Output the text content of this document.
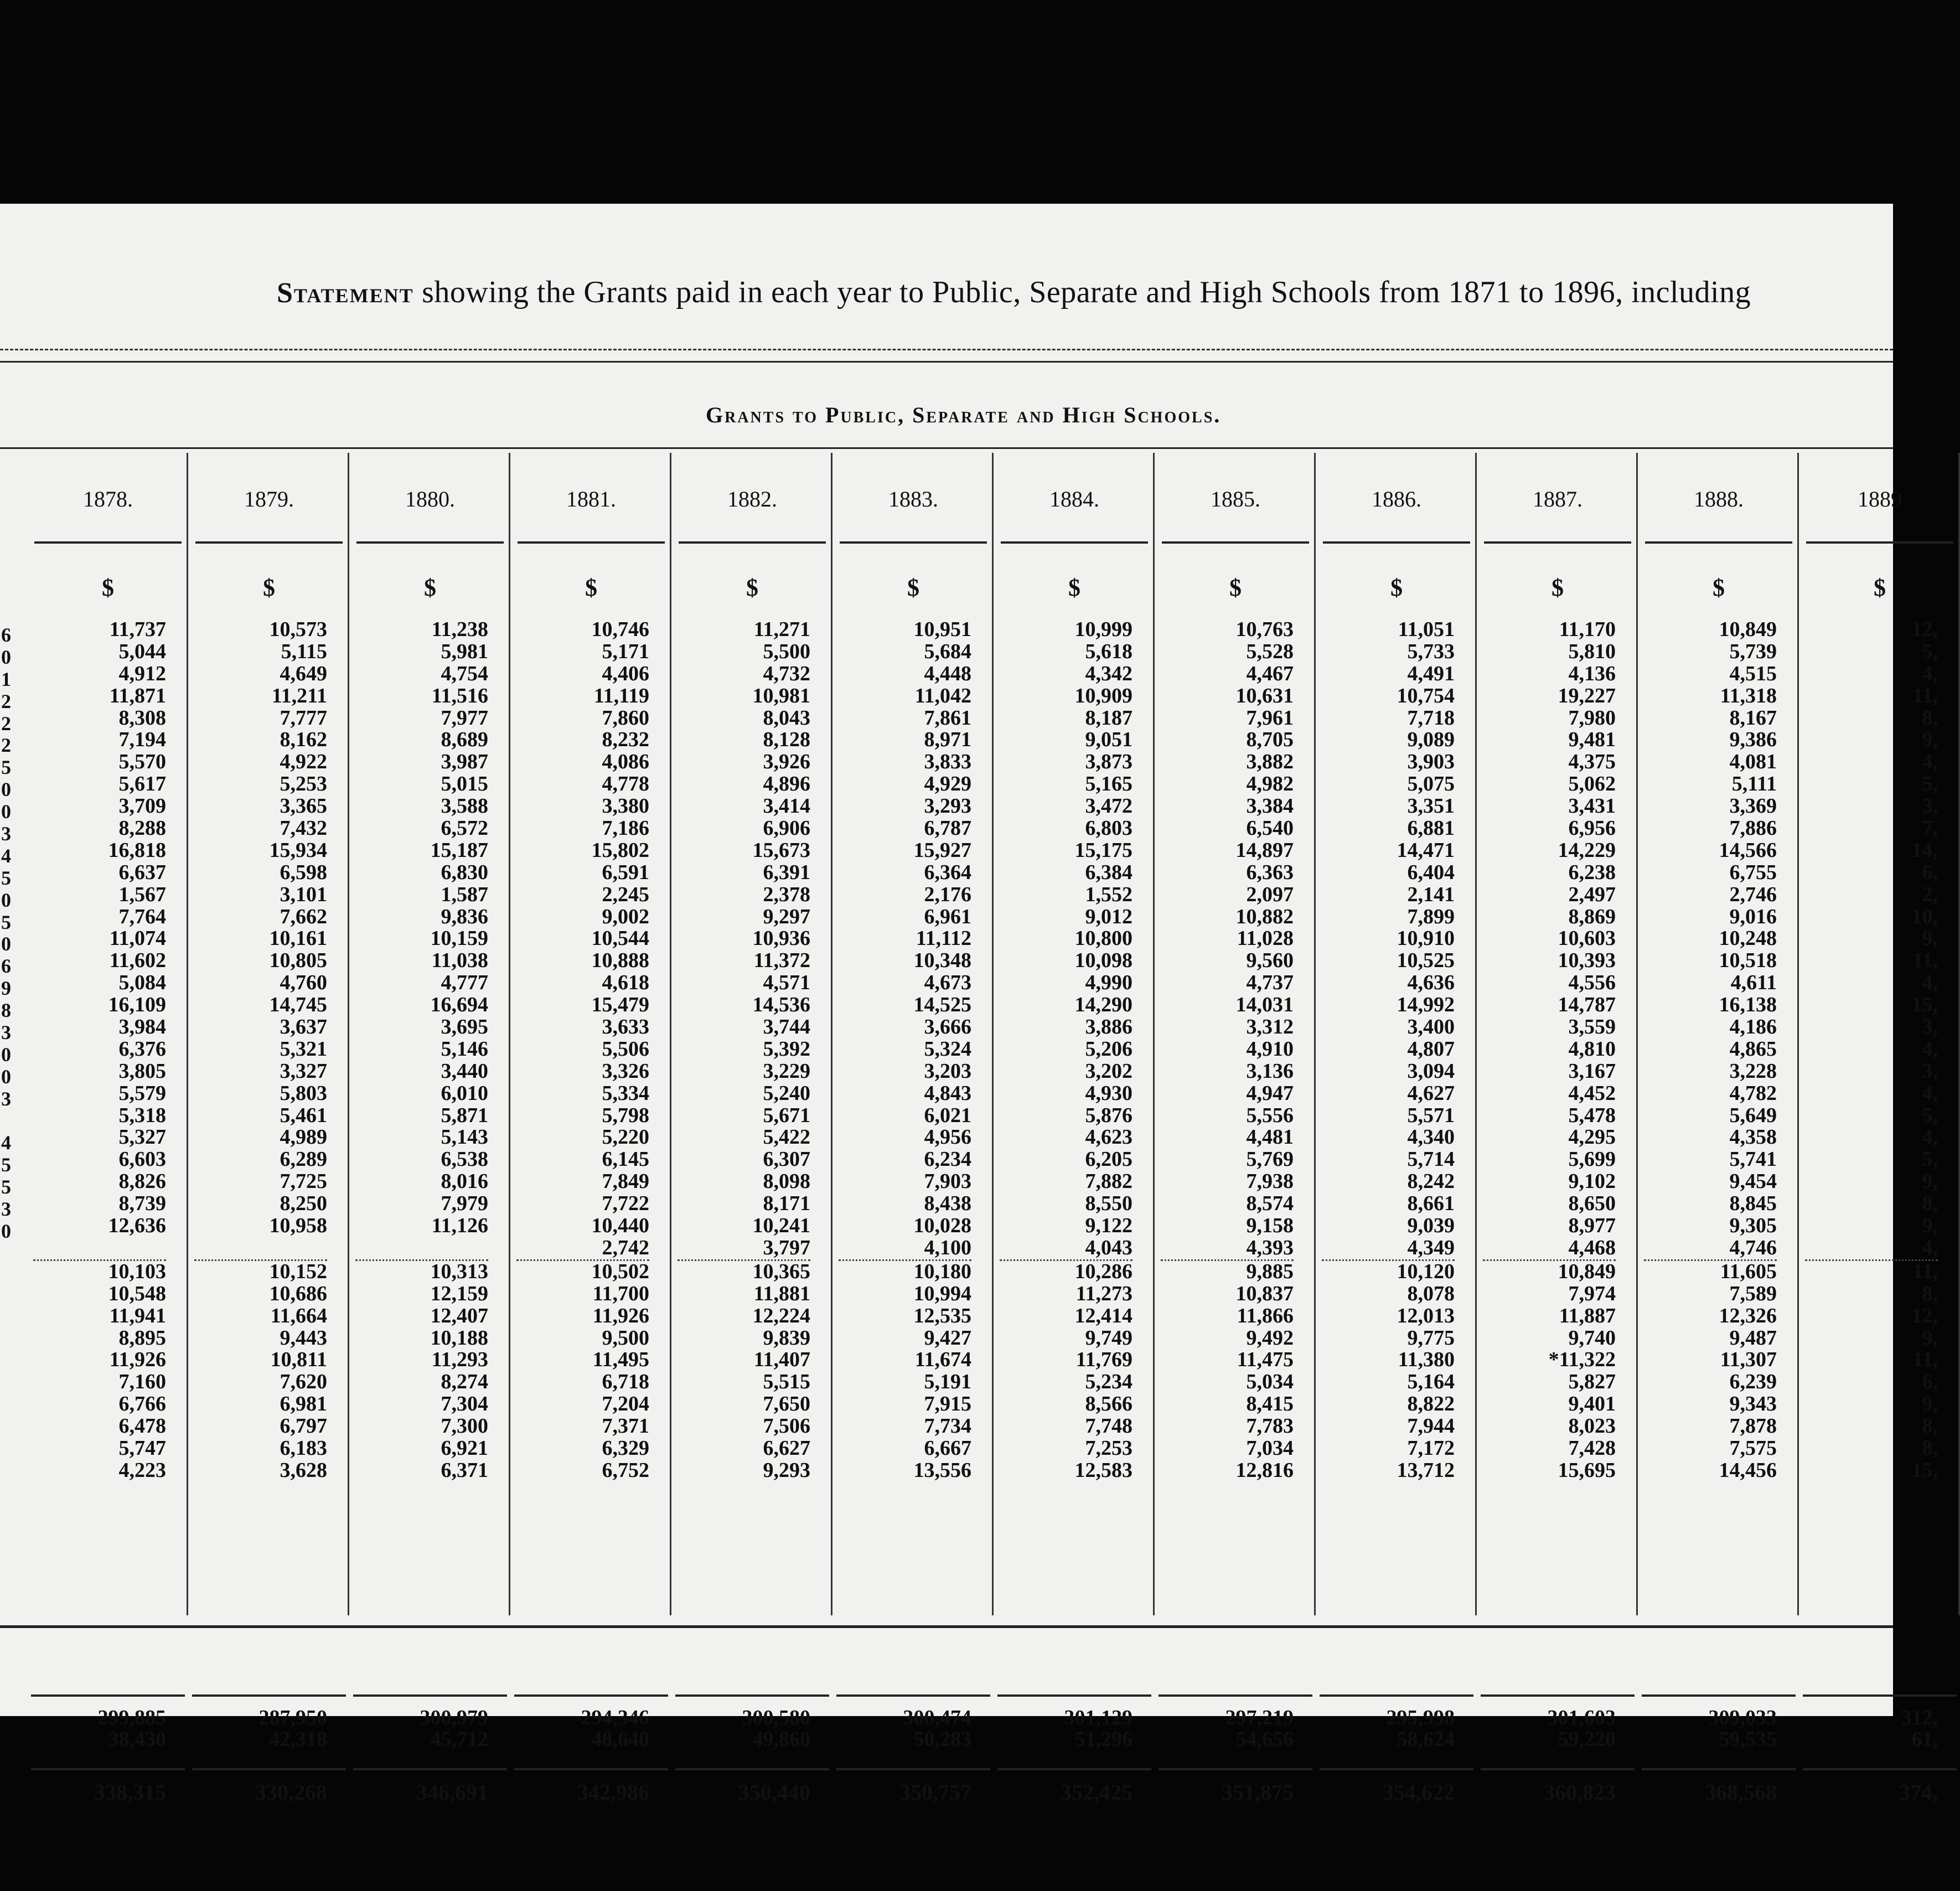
Statement showing the Grants paid in each year to Public, Separate and High Schools from 1871 to 1896, including
Grants to Public, Separate and High Schools.
6
0
1
2
2
2
5
0
0
3
4
5
0
5
0
6
9
8
3
0
0
3
4
5
5
3
0
1878.
$
11,737
5,044
4,912
11,871
8,308
7,194
5,570
5,617
3,709
8,288
16,818
6,637
1,567
7,764
11,074
11,602
5,084
16,109
3,984
6,376
3,805
5,579
5,318
5,327
6,603
8,826
8,739
12,636
10,103
10,548
11,941
8,895
11,926
7,160
6,766
6,478
5,747
4,223
299,885
38,430
338,315
1879.
$
10,573
5,115
4,649
11,211
7,777
8,162
4,922
5,253
3,365
7,432
15,934
6,598
3,101
7,662
10,161
10,805
4,760
14,745
3,637
5,321
3,327
5,803
5,461
4,989
6,289
7,725
8,250
10,958
10,152
10,686
11,664
9,443
10,811
7,620
6,981
6,797
6,183
3,628
287,950
42,318
330,268
1880.
$
11,238
5,981
4,754
11,516
7,977
8,689
3,987
5,015
3,588
6,572
15,187
6,830
1,587
9,836
10,159
11,038
4,777
16,694
3,695
5,146
3,440
6,010
5,871
5,143
6,538
8,016
7,979
11,126
10,313
12,159
12,407
10,188
11,293
8,274
7,304
7,300
6,921
6,371
300,979
45,712
346,691
1881.
$
10,746
5,171
4,406
11,119
7,860
8,232
4,086
4,778
3,380
7,186
15,802
6,591
2,245
9,002
10,544
10,888
4,618
15,479
3,633
5,506
3,326
5,334
5,798
5,220
6,145
7,849
7,722
10,440
2,742
10,502
11,700
11,926
9,500
11,495
6,718
7,204
7,371
6,329
6,752
294,346
48,640
342,986
1882.
$
11,271
5,500
4,732
10,981
8,043
8,128
3,926
4,896
3,414
6,906
15,673
6,391
2,378
9,297
10,936
11,372
4,571
14,536
3,744
5,392
3,229
5,240
5,671
5,422
6,307
8,098
8,171
10,241
3,797
10,365
11,881
12,224
9,839
11,407
5,515
7,650
7,506
6,627
9,293
300,580
49,860
350,440
1883.
$
10,951
5,684
4,448
11,042
7,861
8,971
3,833
4,929
3,293
6,787
15,927
6,364
2,176
6,961
11,112
10,348
4,673
14,525
3,666
5,324
3,203
4,843
6,021
4,956
6,234
7,903
8,438
10,028
4,100
10,180
10,994
12,535
9,427
11,674
5,191
7,915
7,734
6,667
13,556
300,474
50,283
350,757
1884.
$
10,999
5,618
4,342
10,909
8,187
9,051
3,873
5,165
3,472
6,803
15,175
6,384
1,552
9,012
10,800
10,098
4,990
14,290
3,886
5,206
3,202
4,930
5,876
4,623
6,205
7,882
8,550
9,122
4,043
10,286
11,273
12,414
9,749
11,769
5,234
8,566
7,748
7,253
12,583
301,129
51,296
352,425
1885.
$
10,763
5,528
4,467
10,631
7,961
8,705
3,882
4,982
3,384
6,540
14,897
6,363
2,097
10,882
11,028
9,560
4,737
14,031
3,312
4,910
3,136
4,947
5,556
4,481
5,769
7,938
8,574
9,158
4,393
9,885
10,837
11,866
9,492
11,475
5,034
8,415
7,783
7,034
12,816
297,219
54,656
351,875
1886.
$
11,051
5,733
4,491
10,754
7,718
9,089
3,903
5,075
3,351
6,881
14,471
6,404
2,141
7,899
10,910
10,525
4,636
14,992
3,400
4,807
3,094
4,627
5,571
4,340
5,714
8,242
8,661
9,039
4,349
10,120
8,078
12,013
9,775
11,380
5,164
8,822
7,944
7,172
13,712
295,998
58,624
354,622
1887.
$
11,170
5,810
4,136
19,227
7,980
9,481
4,375
5,062
3,431
6,956
14,229
6,238
2,497
8,869
10,603
10,393
4,556
14,787
3,559
4,810
3,167
4,452
5,478
4,295
5,699
9,102
8,650
8,977
4,468
10,849
7,974
11,887
9,740
*11,322
5,827
9,401
8,023
7,428
15,695
301,603
59,220
360,823
1888.
$
10,849
5,739
4,515
11,318
8,167
9,386
4,081
5,111
3,369
7,886
14,566
6,755
2,746
9,016
10,248
10,518
4,611
16,138
4,186
4,865
3,228
4,782
5,649
4,358
5,741
9,454
8,845
9,305
4,746
11,605
7,589
12,326
9,487
11,307
6,239
9,343
7,878
7,575
14,456
309,033
59,535
368,568
1889
$
12,
5,
4,
11,
8,
9,
4,
5,
3,
7,
14,
6,
2,
10,
9,
11,
4,
15,
3,
4,
3,
4,
5,
4,
5,
9,
8,
9,
4,
11,
8,
12,
9,
11,
6,
9,
8,
8,
15,
312,
61,
374,
